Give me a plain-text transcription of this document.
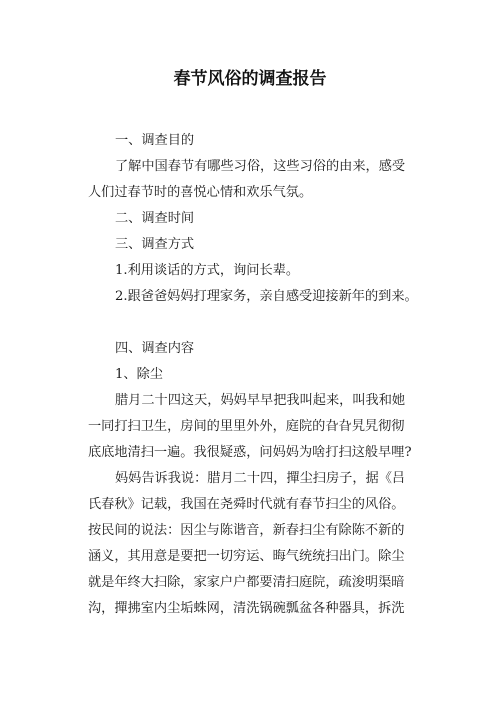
春节风俗的调查报告
一、调查目的
了解中国春节有哪些习俗，这些习俗的由来，感受
人们过春节时的喜悦心情和欢乐气氛。
二、调查时间
三、调查方式
1.利用谈话的方式，询问长辈。
2.跟爸爸妈妈打理家务，亲自感受迎接新年的到来。
四、调查内容
1、除尘
腊月二十四这天，妈妈早早把我叫起来，叫我和她
一同打扫卫生，房间的里里外外，庭院的旮旮旯旯彻彻
底底地清扫一遍。我很疑惑，问妈妈为啥打扫这般早哩?
妈妈告诉我说：腊月二十四，撣尘扫房子，据《吕
氏春秋》记载，我国在尧舜时代就有春节扫尘的风俗。
按民间的说法：因尘与陈谐音，新春扫尘有除陈不新的
涵义，其用意是要把一切穷运、晦气统统扫出门。除尘
就是年终大扫除，家家户户都要清扫庭院，疏浚明渠暗
沟，撣拂室内尘垢蛛网，清洗锅碗瓢盆各种器具，拆洗
